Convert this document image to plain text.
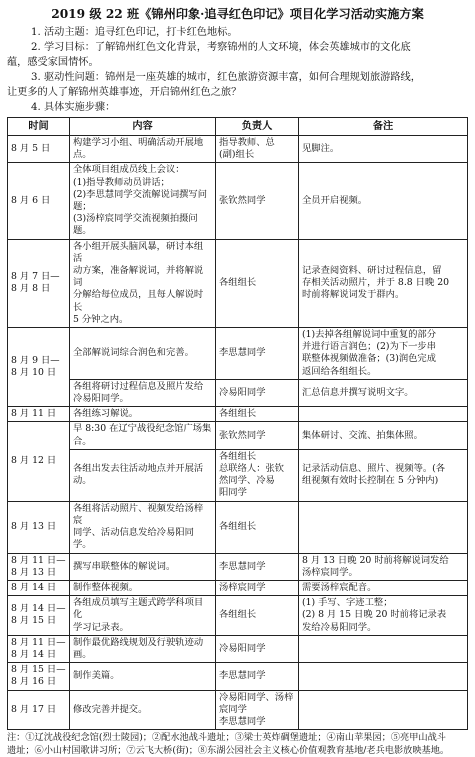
2019 级 22 班《锦州印象·追寻红色印记》项目化学习活动实施方案

1. 活动主题：追寻红色印记，打卡红色地标。

2. 学习目标：了解锦州红色文化背景，考察锦州的人文环境，体会英雄城市的文化底

蕴，感受家国情怀。

3. 驱动性问题：锦州是一座英雄的城市，红色旅游资源丰富，如何合理规划旅游路线，

让更多的人了解锦州英雄事迹，开启锦州红色之旅？

4. 具体实施步骤：

时间	内容	负责人	备注

8 月 5 日	构建学习小组、明确活动开展地
点。	指导教师、总
(副)组长	见脚注。

8 月 6 日	全体项目组成员线上会议：
(1)指导教师动员讲话；
(2)李思慧同学交流解说词撰写问题；
(3)汤梓宸同学交流视频拍摄问题。	张钦然同学	全员开启视频。

8 月 7 日—
8 月 8 日	各小组开展头脑风暴，研讨本组活
动方案，准备解说词，并将解说词
分解给每位成员，且每人解说时长
5 分钟之内。	各组组长	记录查阅资料、研讨过程信息，留
存相关活动照片，并于 8.8 日晚 20
时前将解说词发于群内。

8 月 9 日—
8 月 10 日	全部解说词综合润色和完善。	李思慧同学	(1)去掉各组解说词中重复的部分
并进行语言润色；(2)为下一步串
联整体视频做准备；(3)润色完成
返回给各组组长。

	各组将研讨过程信息及照片发给
冷易阳同学。	冷易阳同学	汇总信息并撰写说明文字。

8 月 11 日	各组练习解说。	各组组长	

8 月 12 日	早 8:30 在辽宁战役纪念馆广场集
合。	张钦然同学	集体研讨、交流、拍集体照。

	各组出发去往活动地点并开展活
动。	各组组长
总联络人：张钦
然同学、冷易
阳同学	记录活动信息、照片、视频等。(各
组视频有效时长控制在 5 分钟内)

8 月 13 日	各组将活动照片、视频发给汤梓宸
同学、活动信息发给冷易阳同学。	各组组长	

8 月 11 日—
8 月 13 日	撰写串联整体的解说词。	李思慧同学	8 月 13 日晚 20 时前将解说词发给
汤梓宸同学。

8 月 14 日	制作整体视频。	汤梓宸同学	需要汤梓宸配音。

8 月 14 日—
8 月 15 日	各组成员填写主题式跨学科项目化
学习记录表。	各组组长	(1) 手写、字迹工整；
(2) 8 月 15 日晚 20 时前将记录表
发给冷易阳同学。

8 月 11 日—
8 月 14 日	制作最优路线规划及行驶轨迹动
画。	冷易阳同学	

8 月 15 日—
8 月 16 日	制作美篇。	李思慧同学	

8 月 17 日	修改完善并提交。	冷易阳同学、汤梓宸同学
李思慧同学	

注：①辽沈战役纪念馆(烈士陵园)；②配水池战斗遗址；③梁士英炸碉堡遗址；④南山苹果园；⑤亮甲山战斗
遗址；⑥小山村国歌讲习所；⑦云飞大桥(街)；⑧东湖公园社会主义核心价值观教育基地/老兵电影放映基地。
